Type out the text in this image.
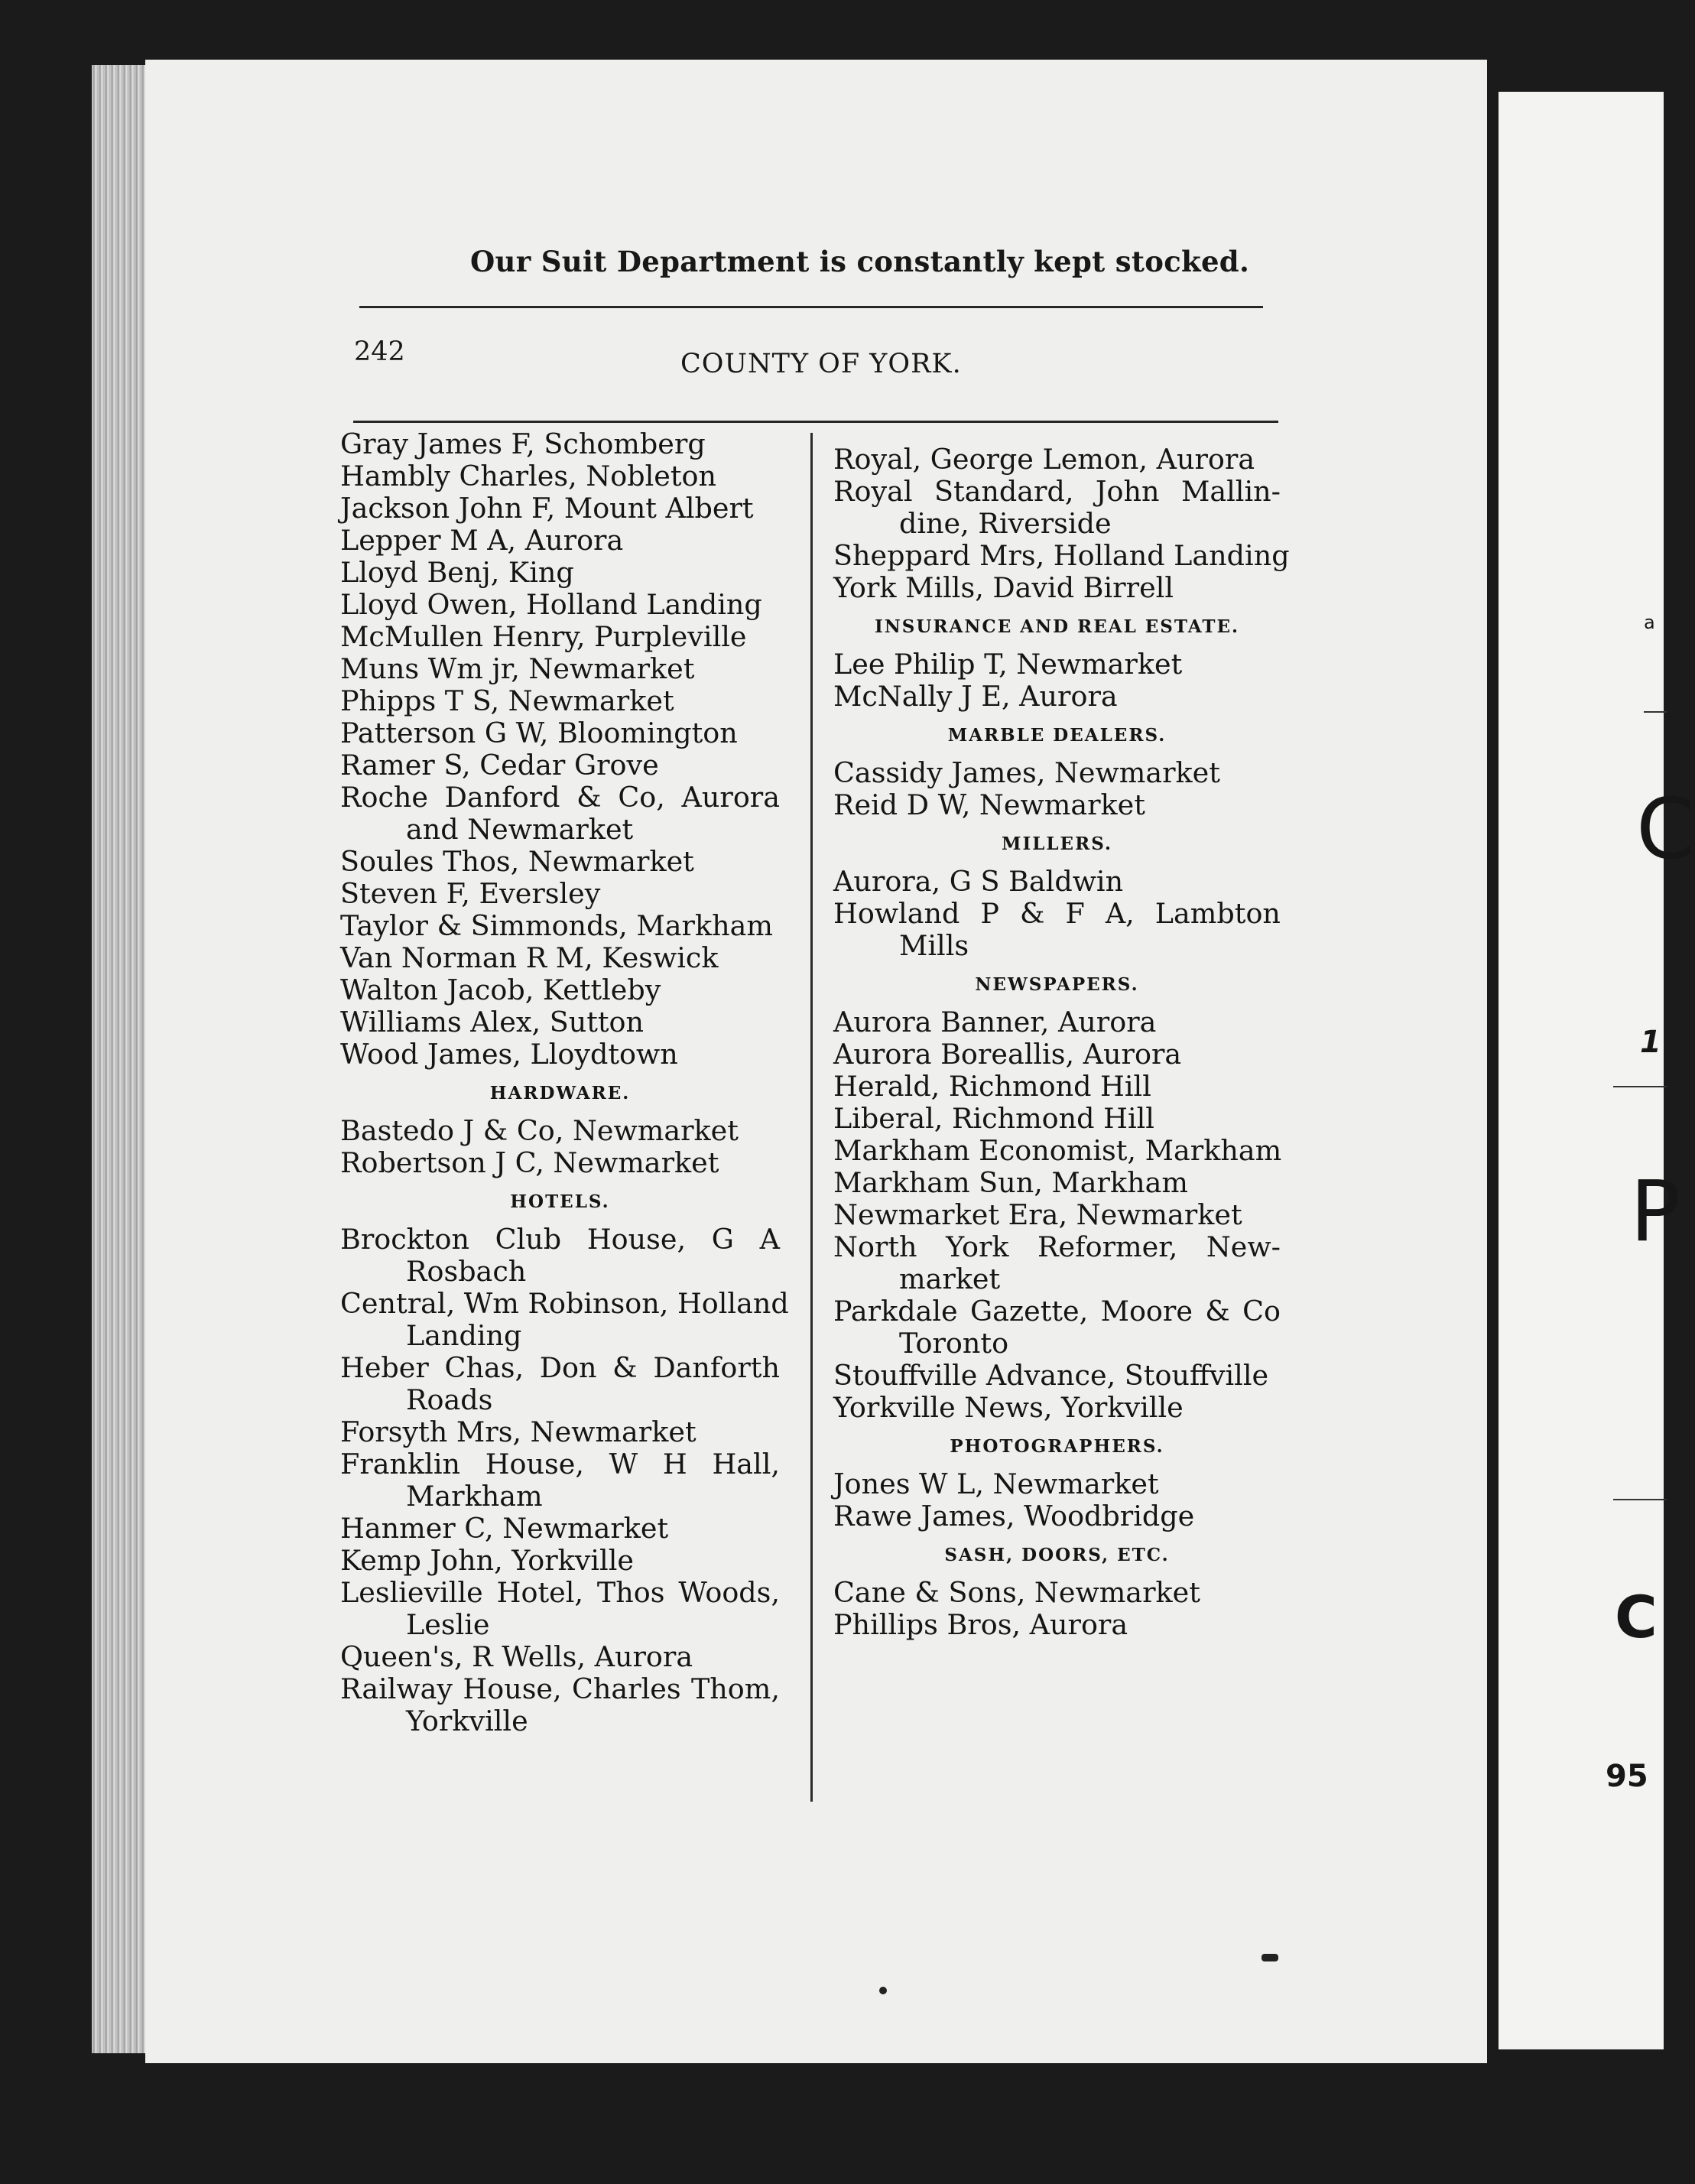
a
C
1
P
C
95
Our Suit Department is constantly kept stocked.
242	COUNTY OF YORK.
Gray James F, Schomberg
Hambly Charles, Nobleton
Jackson John F, Mount Albert
Lepper M A, Aurora
Lloyd Benj, King
Lloyd Owen, Holland Landing
McMullen Henry, Purpleville
Muns Wm jr, Newmarket
Phipps T S, Newmarket
Patterson G W, Bloomington
Ramer S, Cedar Grove
Roche Danford & Co, Aurora
and Newmarket
Soules Thos, Newmarket
Steven F, Eversley
Taylor & Simmonds, Markham
Van Norman R M, Keswick
Walton Jacob, Kettleby
Williams Alex, Sutton
Wood James, Lloydtown
HARDWARE.
Bastedo J & Co, Newmarket
Robertson J C, Newmarket
HOTELS.
Brockton Club House, G A
Rosbach
Central, Wm Robinson, Holland
Landing
Heber Chas, Don & Danforth
Roads
Forsyth Mrs, Newmarket
Franklin House, W H Hall,
Markham
Hanmer C, Newmarket
Kemp John, Yorkville
Leslieville Hotel, Thos Woods,
Leslie
Queen's, R Wells, Aurora
Railway House, Charles Thom,
Yorkville
Royal, George Lemon, Aurora
Royal Standard, John Mallin-
dine, Riverside
Sheppard Mrs, Holland Landing
York Mills, David Birrell
INSURANCE AND REAL ESTATE.
Lee Philip T, Newmarket
McNally J E, Aurora
MARBLE DEALERS.
Cassidy James, Newmarket
Reid D W, Newmarket
MILLERS.
Aurora, G S Baldwin
Howland P & F A, Lambton
Mills
NEWSPAPERS.
Aurora Banner, Aurora
Aurora Boreallis, Aurora
Herald, Richmond Hill
Liberal, Richmond Hill
Markham Economist, Markham
Markham Sun, Markham
Newmarket Era, Newmarket
North York Reformer, New-
market
Parkdale Gazette, Moore & Co
Toronto
Stouffville Advance, Stouffville
Yorkville News, Yorkville
PHOTOGRAPHERS.
Jones W L, Newmarket
Rawe James, Woodbridge
SASH, DOORS, ETC.
Cane & Sons, Newmarket
Phillips Bros, Aurora
